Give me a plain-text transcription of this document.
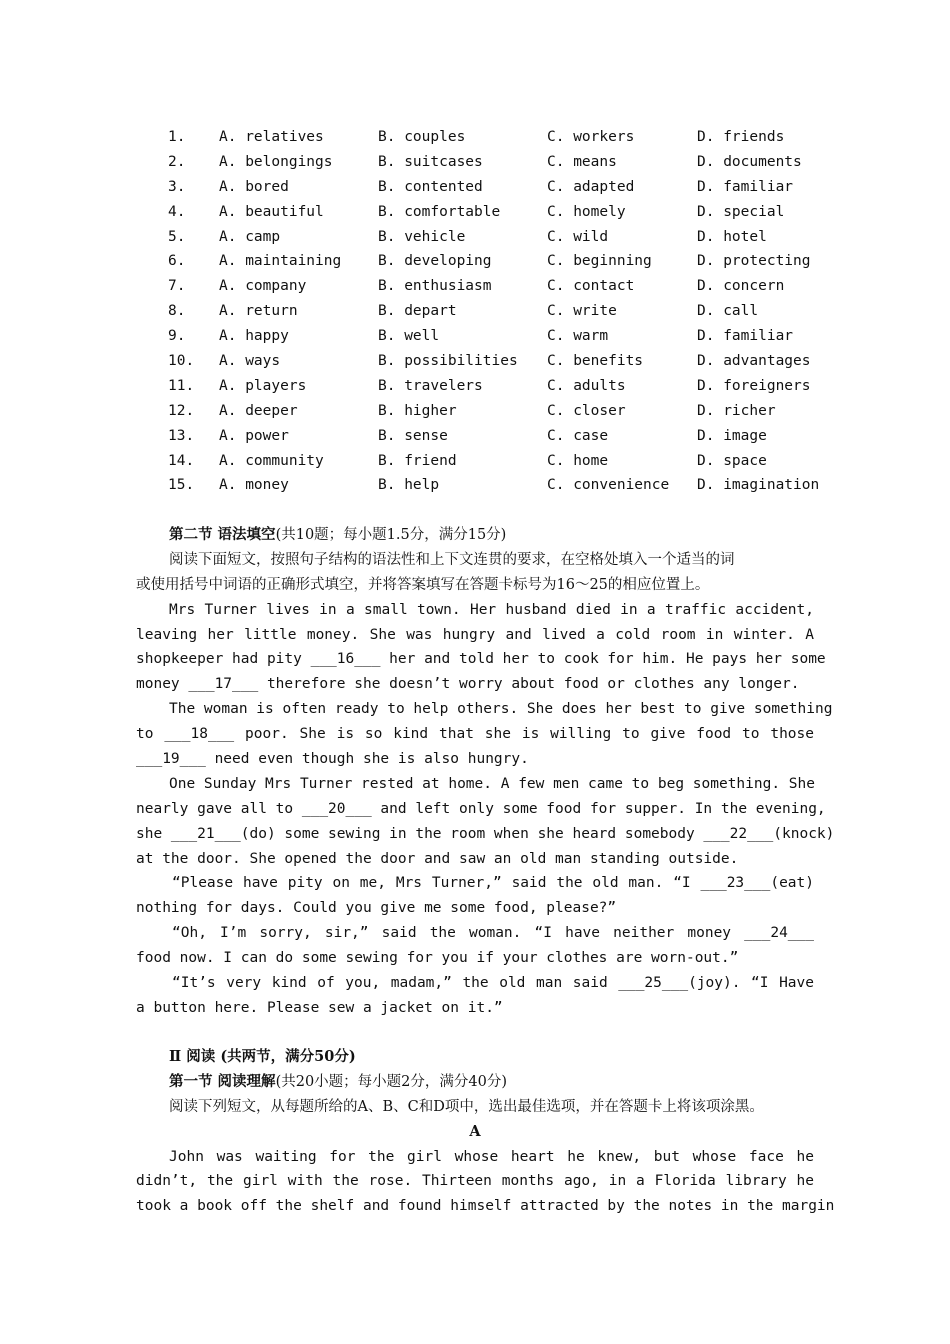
1. A. relatives	B. couples	C. workers	D. friends
2. A. belongings	B. suitcases	C. means	D. documents
3. A. bored	B. contented	C. adapted	D. familiar
4. A. beautiful	B. comfortable	C. homely	D. special
5. A. camp	B. vehicle	C. wild	D. hotel
6. A. maintaining	B. developing	C. beginning	D. protecting
7. A. company	B. enthusiasm	C. contact	D. concern
8. A. return	B. depart	C. write	D. call
9. A. happy	B. well	C. warm	D. familiar
10. A. ways	B. possibilities C. benefits	D. advantages
11. A. players	B. travelers	C. adults	D. foreigners
12. A. deeper	B. higher	C. closer	D. richer
13. A. power	B. sense	C. case	D. image
14. A. community	B. friend	C. home	D. space
15. A. money	B. help	C. convenience D. imagination
第二节 语法填空(共10题；每小题1.5分，满分15分)
阅读下面短文，按照句子结构的语法性和上下文连贯的要求，在空格处填入一个适当的词
或使用括号中词语的正确形式填空，并将答案填写在答题卡标号为16～25的相应位置上。
Mrs Turner lives in a small town. Her husband died in a traffic accident,
leaving her little money. She was hungry and lived a cold room in winter. A
shopkeeper had pity ___16___ her and told her to cook for him. He pays her some
money ___17___ therefore she doesn’t worry about food or clothes any longer.
The woman is often ready to help others. She does her best to give something
to ___18___ poor. She is so kind that she is willing to give food to those
___19___ need even though she is also hungry.
One Sunday Mrs Turner rested at home. A few men came to beg something. She
nearly gave all to ___20___ and left only some food for supper. In the evening,
she ___21___(do) some sewing in the room when she heard somebody ___22___(knock)
at the door. She opened the door and saw an old man standing outside.
“Please have pity on me, Mrs Turner,” said the old man. “I ___23___(eat)
nothing for days. Could you give me some food, please?”
“Oh, I’m sorry, sir,” said the woman. “I have neither money ___24___
food now. I can do some sewing for you if your clothes are worn-out.”
“It’s very kind of you, madam,” the old man said ___25___(joy). “I Have
a button here. Please sew a jacket on it.”
Ⅱ 阅读 (共两节，满分50分)
第一节 阅读理解(共20小题；每小题2分，满分40分)
阅读下列短文，从每题所给的A、B、C和D项中，选出最佳选项，并在答题卡上将该项涂黑。
A
John was waiting for the girl whose heart he knew, but whose face he
didn’t, the girl with the rose. Thirteen months ago, in a Florida library he
took a book off the shelf and found himself attracted by the notes in the margin
